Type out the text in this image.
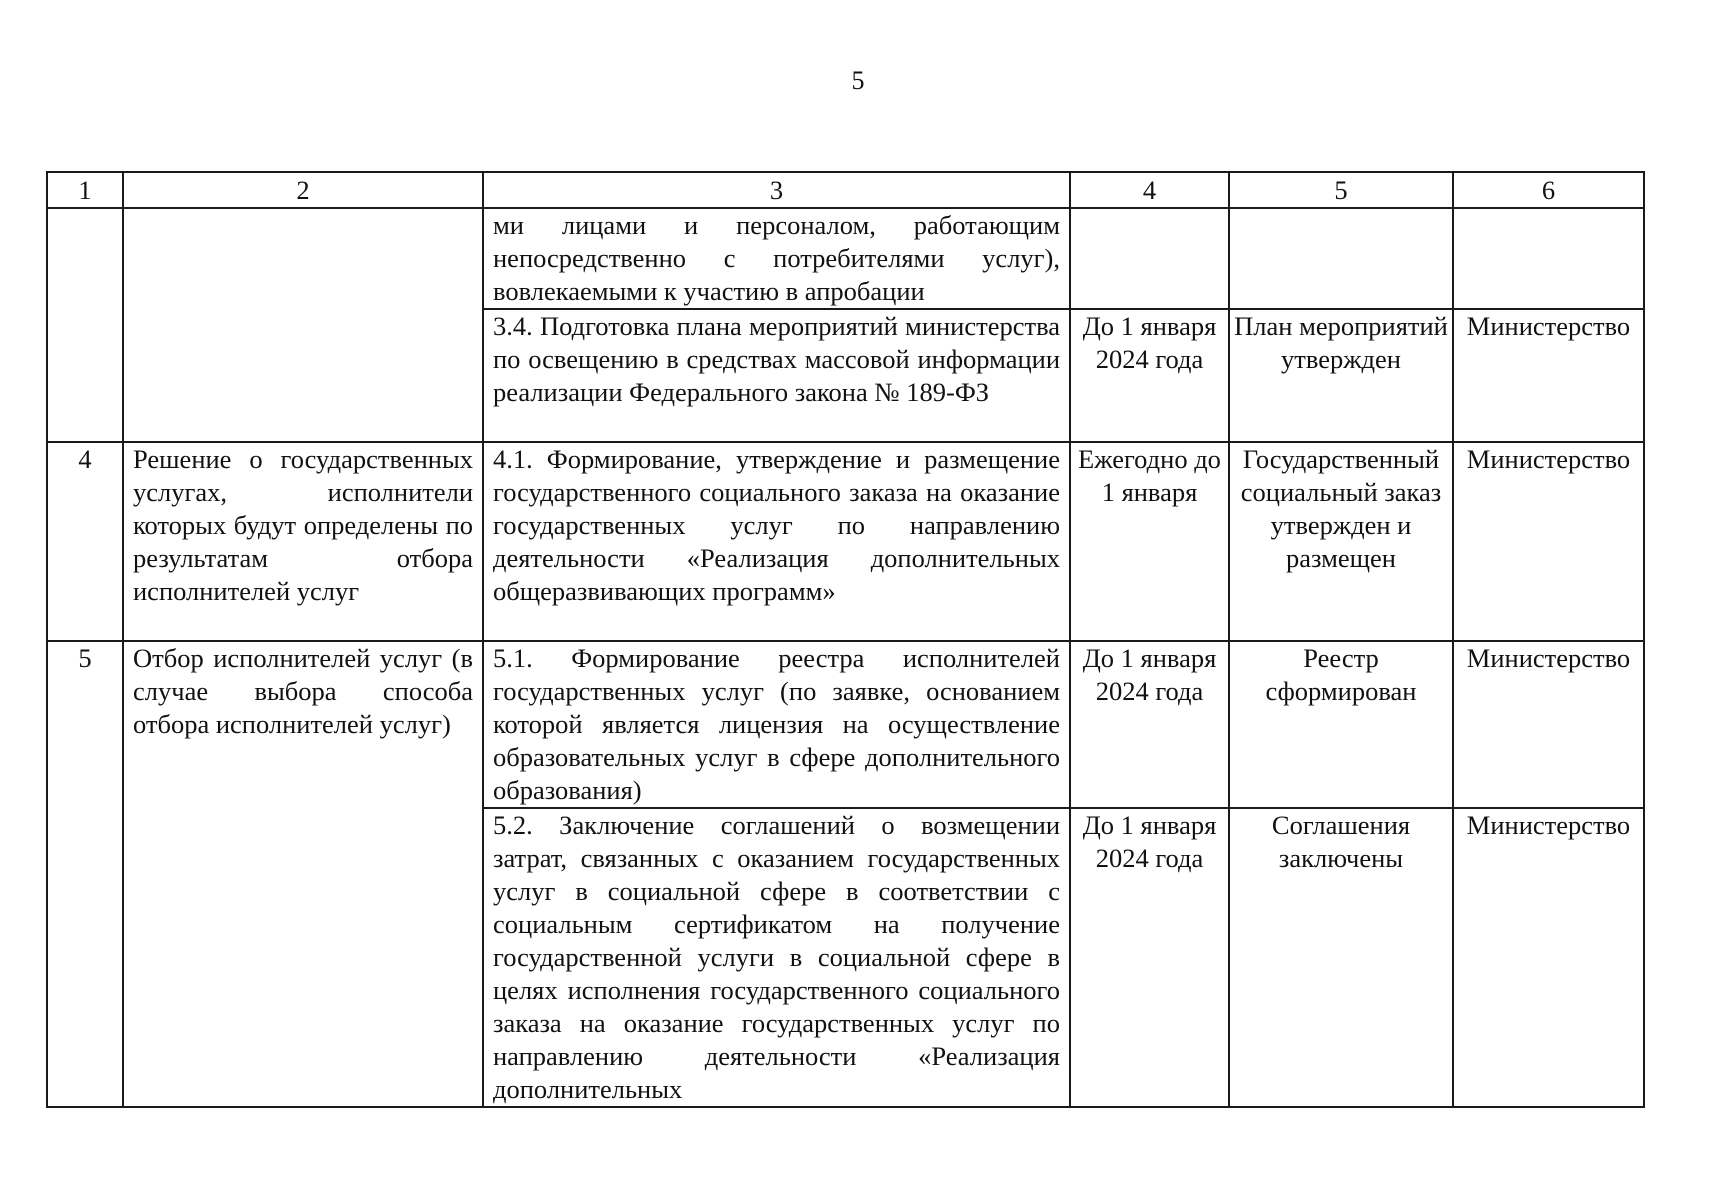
5
1	2	3	4	5	6
		ми лицами и персоналом, работающим непосредственно с потребителями услуг), вовлекаемыми к участию в апробации			
		3.4. Подготовка плана мероприятий министерства по освещению в средствах массовой информации реализации Федерального закона № 189-ФЗ	До 1 января 2024 года	План мероприятий утвержден	Министерство
4	Решение о государственных услугах, исполнители которых будут определены по результатам отбора исполнителей услуг	4.1. Формирование, утверждение и размещение государственного социального заказа на оказание государственных услуг по направлению деятельности «Реализация дополнительных общеразвивающих программ»	Ежегодно до 1 января	Государственный социальный заказ утвержден и размещен	Министерство
5	Отбор исполнителей услуг (в случае выбора способа отбора исполнителей услуг)	5.1. Формирование реестра исполнителей государственных услуг (по заявке, основанием которой является лицензия на осуществление образовательных услуг в сфере дополнительного образования)	До 1 января 2024 года	Реестр сформирован	Министерство
		5.2. Заключение соглашений о возмещении затрат, связанных с оказанием государственных услуг в социальной сфере в соответствии с социальным сертификатом на получение государственной услуги в социальной сфере в целях исполнения государственного социального заказа на оказание государственных услуг по направлению деятельности «Реализация дополнительных	До 1 января 2024 года	Соглашения заключены	Министерство
